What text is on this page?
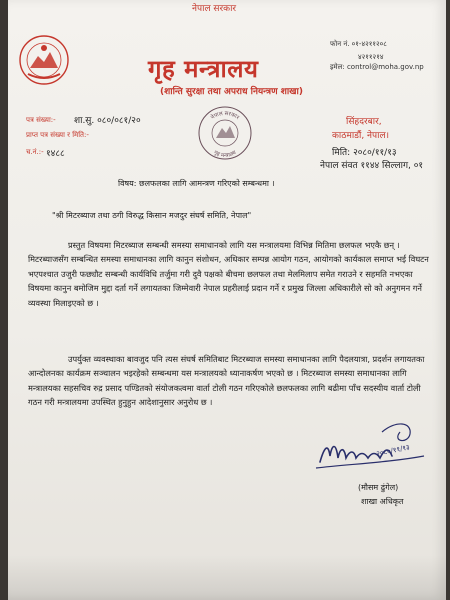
नेपाल सरकार
गृह मन्त्रालय
(शान्ति सुरक्षा तथा अपराध नियन्त्रण शाखा)
फोन नं. ०१-४२११२०८
४२११२१४
इमेल: control@moha.gov.np
पत्र संख्या:- शा.सु. ०८०/०८१/२०
प्राप्त पत्र संख्या र मिति:-
च.नं.:- १४८८
नेपाल सरकार
गृह मन्त्रालय
सिंहदरबार,
काठमाडौं, नेपाल।
मिति: २०८०/११/१३
नेपाल संवत ११४४ सिल्लाग, ०१
विषय: छलफलका लागि आमन्त्रण गरिएको सम्बन्धमा ।
"श्री मिटरब्याज तथा ठगी विरुद्ध किसान मजदुर संघर्ष समिति, नेपाल"
प्रस्तुत विषयमा मिटरब्याज सम्बन्धी समस्या समाधानको लागि यस मन्त्रालयमा विभिन्न मितिमा छलफल भएकै छन् । मिटरब्याजसँग सम्बन्धित समस्या समाधानका लागि कानुन संशोधन, अधिकार सम्पन्न आयोग गठन, आयोगको कार्यकाल समाप्त भई विघटन भएपश्चात उजुरी फछ्यौट सम्बन्धी कार्यविधि तर्जुमा गरी दुवै पक्षको बीचमा छलफल तथा मेलमिलाप समेत गराउने र सहमति नभएका विषयमा कानुन बमोजिम मुद्दा दर्ता गर्ने लगायतका जिम्मेवारी नेपाल प्रहरीलाई प्रदान गर्ने र प्रमुख जिल्ला अधिकारीले सो को अनुगमन गर्ने व्यवस्था मिलाइएको छ ।
उपर्युक्त व्यवस्थाका बावजुद पनि त्यस संघर्ष समितिबाट मिटरब्याज समस्या समाधानका लागि पैदलयात्रा, प्रदर्शन लगायतका आन्दोलनका कार्यक्रम सञ्चालन भइरहेको सम्बन्धमा यस मन्त्रालयको ध्यानाकर्षण भएको छ । मिटरब्याज समस्या समाधानका लागि मन्त्रालयका सहसचिव रुद्र प्रसाद पण्डितको संयोजकत्वमा वार्ता टोली गठन गरिएकोले छलफलका लागि बढीमा पाँच सदस्यीय वार्ता टोली गठन गरी मन्त्रालयमा उपस्थित हुनुहुन आदेशानुसार अनुरोध छ ।
२०८०/११/१३
(मौसम ढुंगेल)
शाखा अधिकृत
